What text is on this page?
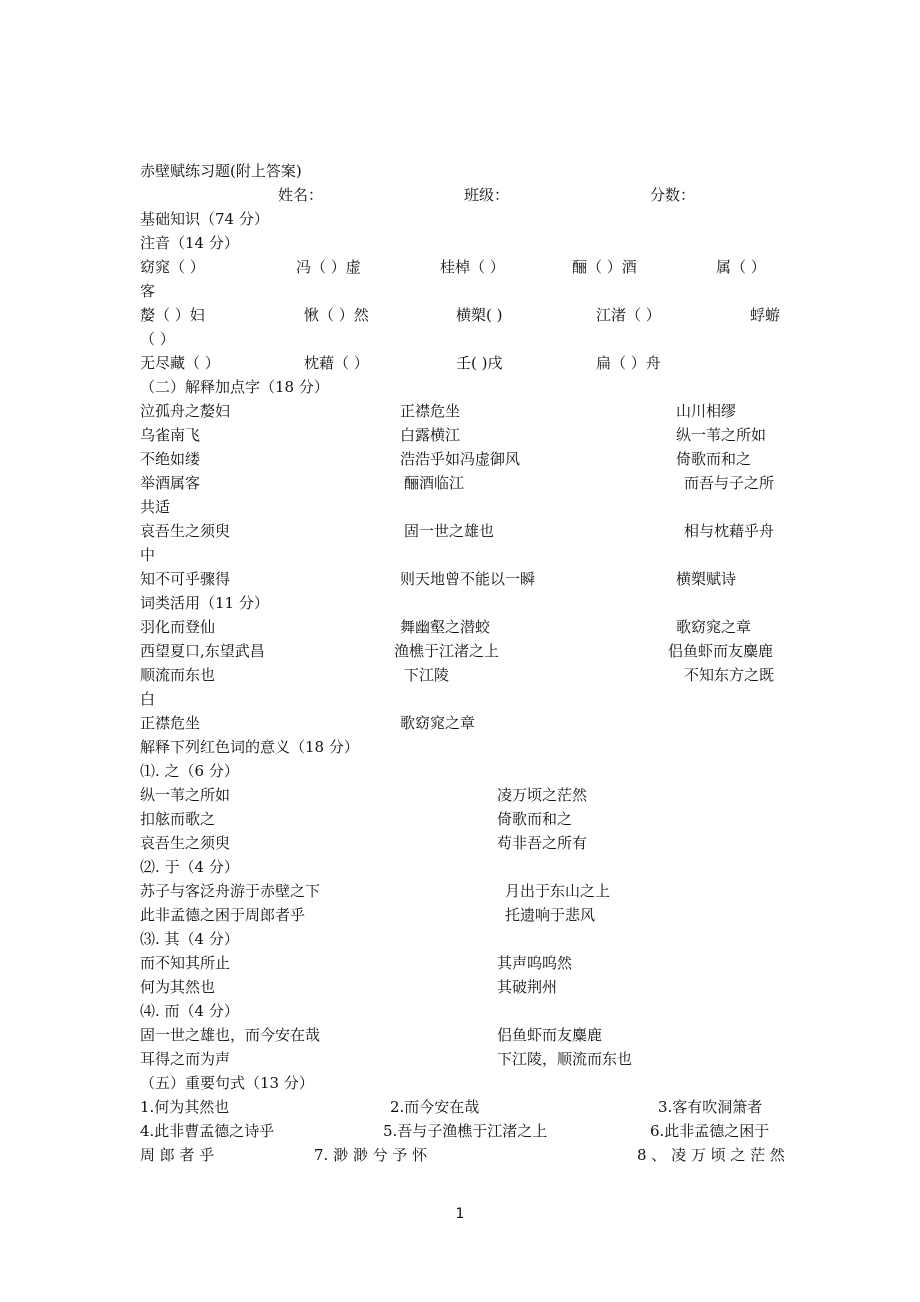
赤壁赋练习题(附上答案)
姓名：	班级：	分数：
基础知识（74 分）
注音（14 分）
窈窕（ ）	冯（ ）虚	桂棹（ ）	酾（ ）酒	属（ ）
客
嫠（ ）妇	愀（ ）然	横槊( )	江渚（ ）	蜉蝣
（ ）
无尽藏（ ）	枕藉（ ）	壬( )戌	扁（ ）舟
（二）解释加点字（18 分）
泣孤舟之嫠妇	正襟危坐	山川相缪
乌雀南飞	白露横江	纵一苇之所如
不绝如缕	浩浩乎如冯虚御风	倚歌而和之
举酒属客	酾酒临江	而吾与子之所
共适
哀吾生之须臾	固一世之雄也	相与枕藉乎舟
中
知不可乎骤得	则天地曾不能以一瞬	横槊赋诗
词类活用（11 分）
羽化而登仙	舞幽壑之潜蛟	歌窈窕之章
西望夏口,东望武昌	渔樵于江渚之上	侣鱼虾而友麋鹿
顺流而东也	下江陵	不知东方之既
白
正襟危坐	歌窈窕之章
解释下列红色词的意义（18 分）
⑴. 之（6 分）
纵一苇之所如	凌万顷之茫然
扣舷而歌之	倚歌而和之
哀吾生之须臾	苟非吾之所有
⑵. 于（4 分）
苏子与客泛舟游于赤壁之下	月出于东山之上
此非孟德之困于周郎者乎	托遗响于悲风
⑶. 其（4 分）
而不知其所止	其声呜呜然
何为其然也	其破荆州
⑷. 而（4 分）
固一世之雄也，而今安在哉	侣鱼虾而友麋鹿
耳得之而为声	下江陵，顺流而东也
（五）重要句式（13 分）
1.何为其然也	2.而今安在哉	3.客有吹洞箫者
4.此非曹孟德之诗乎	5.吾与子渔樵于江渚之上	6.此非孟德之困于
周 郎 者 乎	7. 渺 渺 兮 予 怀	8 、 凌 万 顷 之 茫 然
1
